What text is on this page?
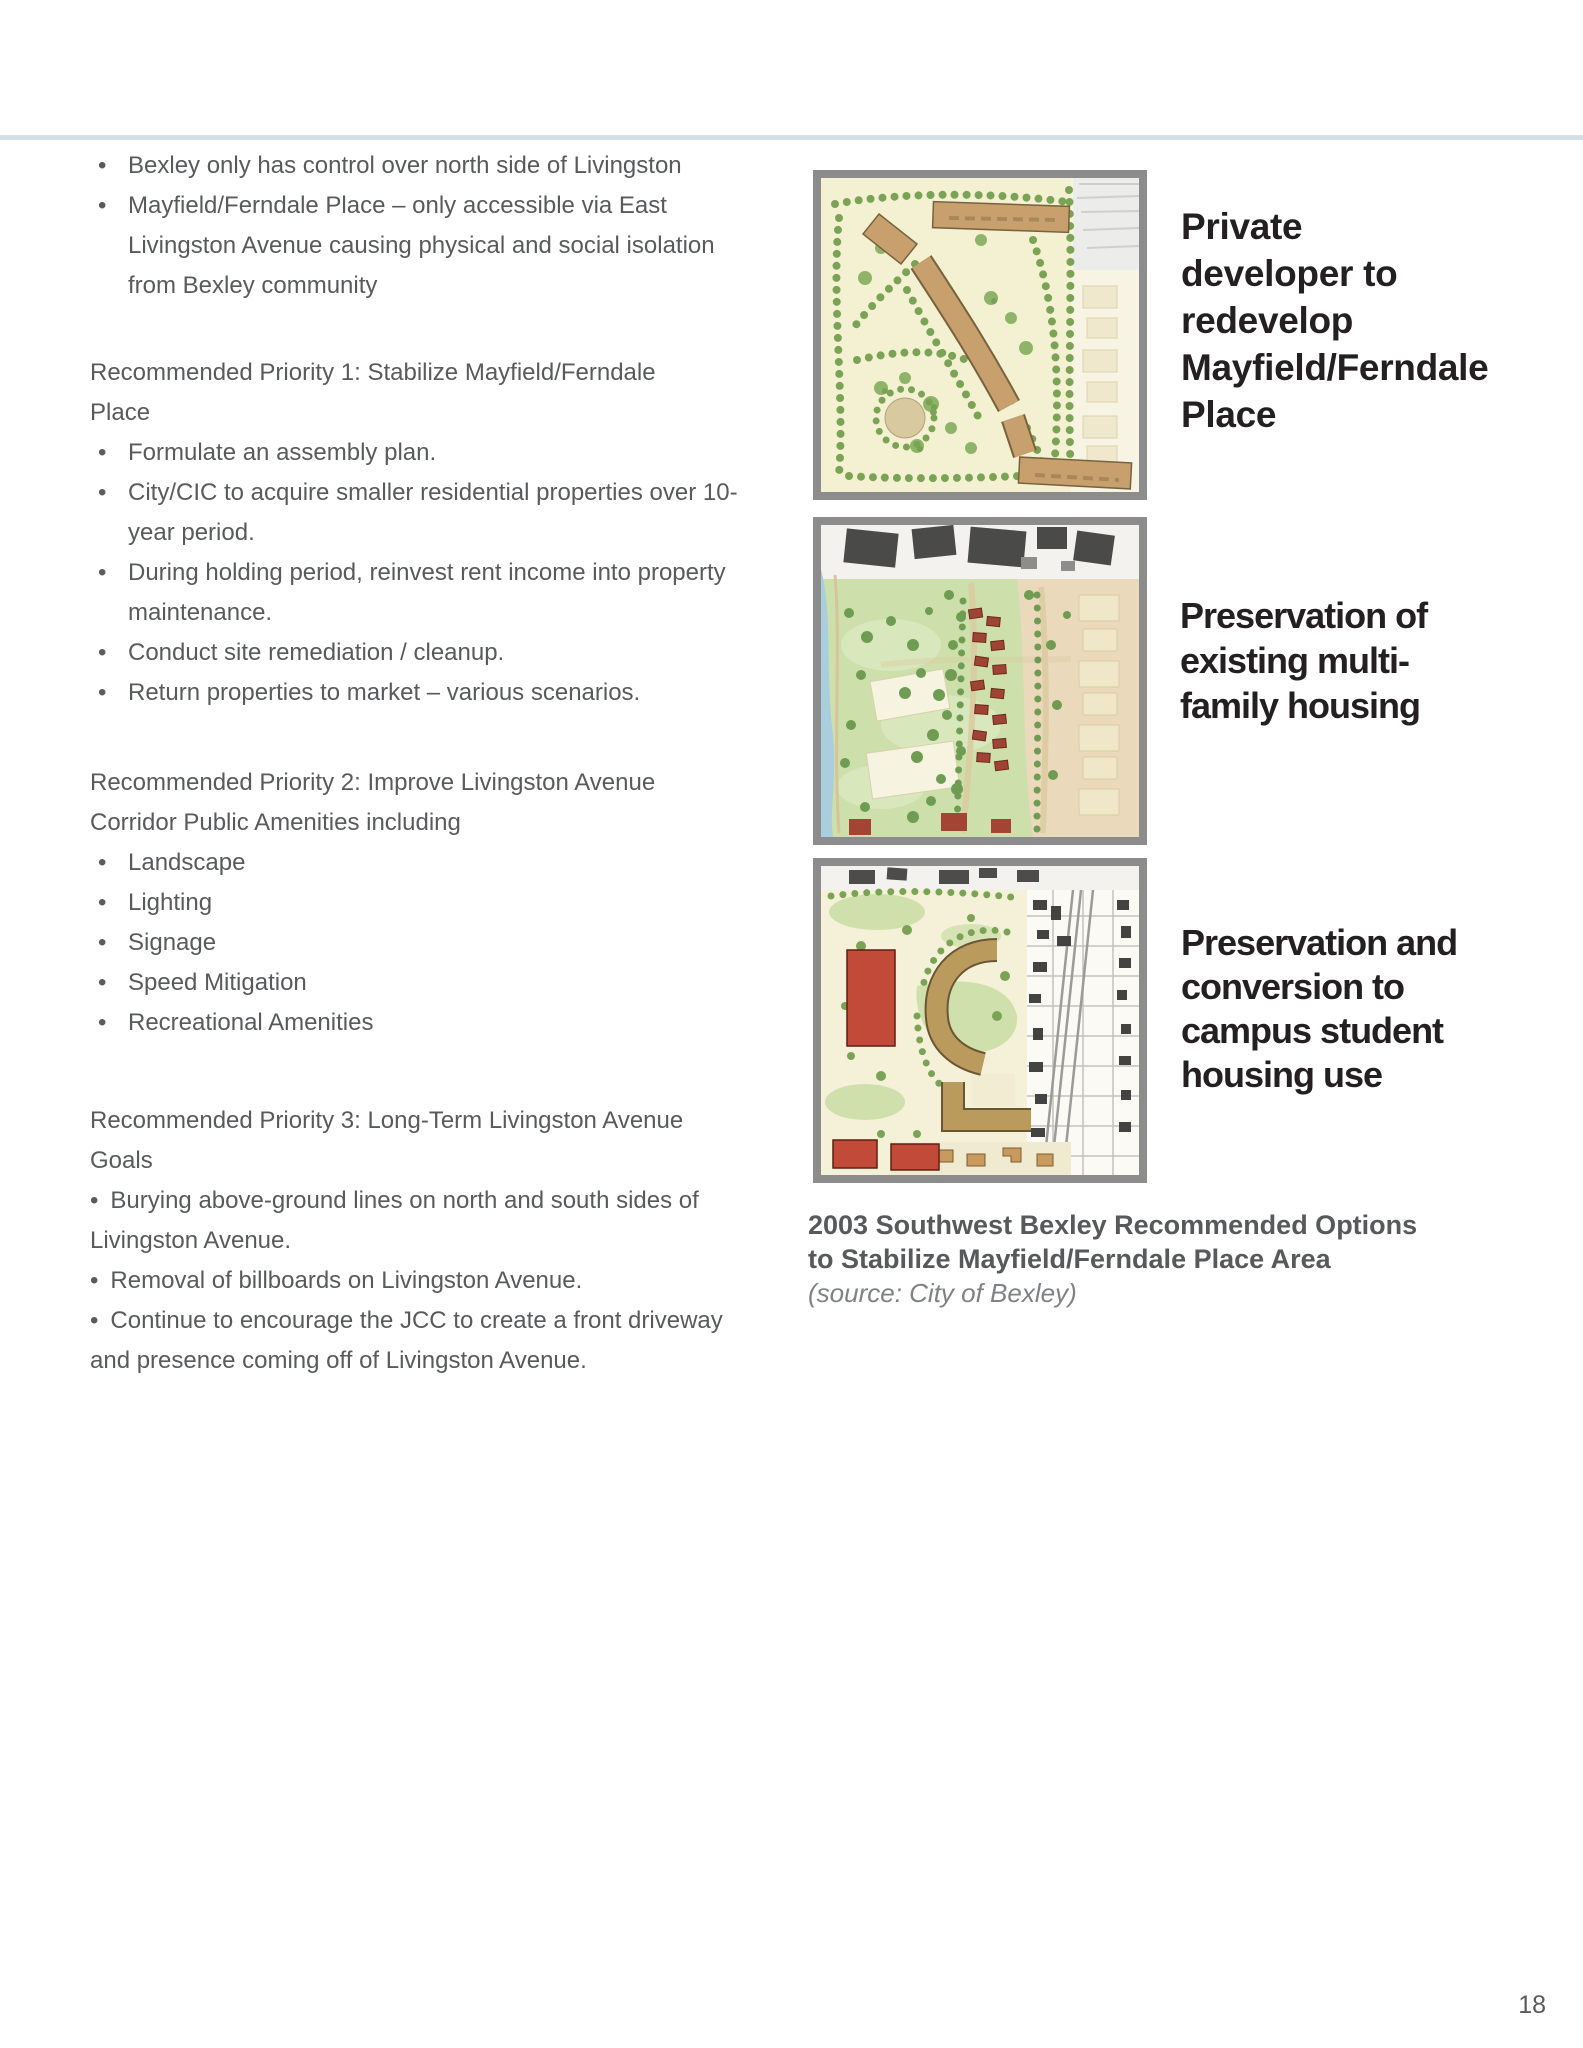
• Bexley only has control over north side of Livingston
• Mayfield/Ferndale Place – only accessible via East Livingston Avenue causing physical and social isolation from Bexley community

Recommended Priority 1: Stabilize Mayfield/Ferndale Place

• Formulate an assembly plan.
• City/CIC to acquire smaller residential properties over 10-year period.
• During holding period, reinvest rent income into property maintenance.
• Conduct site remediation / cleanup.
• Return properties to market – various scenarios.

Recommended Priority 2: Improve Livingston Avenue Corridor Public Amenities including

• Landscape
• Lighting
• Signage
• Speed Mitigation
• Recreational Amenities

Recommended Priority 3: Long-Term Livingston Avenue Goals

• Burying above-ground lines on north and south sides of Livingston Avenue.

• Removal of billboards on Livingston Avenue.

• Continue to encourage the JCC to create a front driveway and presence coming off of Livingston Avenue.

Private developer to redevelop Mayfield/Ferndale Place
Preservation of existing multi-family housing
Preservation and conversion to campus student housing use

2003 Southwest Bexley Recommended Options to Stabilize Mayfield/Ferndale Place Area

(source: City of Bexley)

18
